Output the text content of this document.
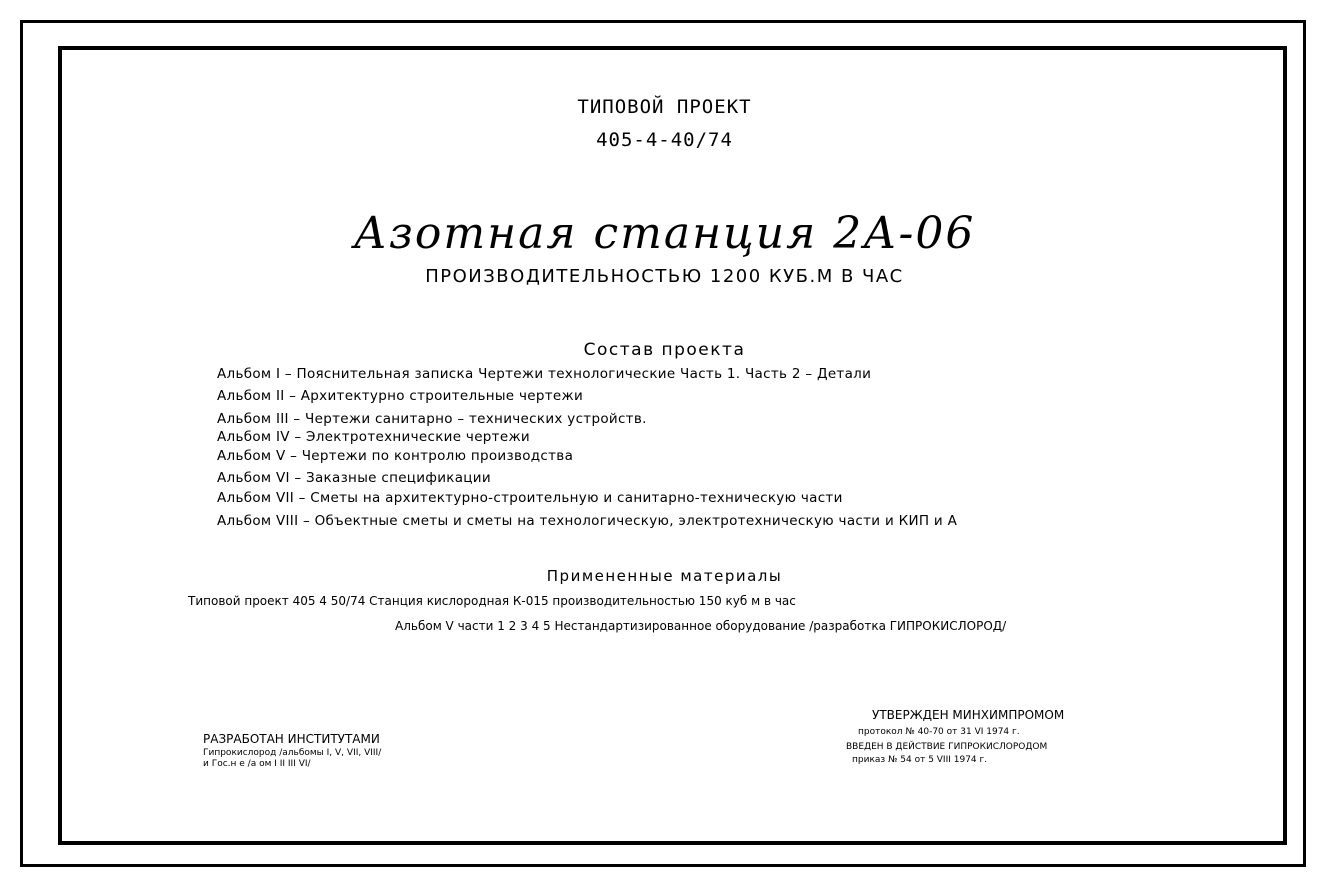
ТИПОВОЙ ПРОЕКТ
405-4-40/74
Азотная станция 2А-06
ПРОИЗВОДИТЕЛЬНОСТЬЮ 1200 КУБ.М В ЧАС
Состав проекта
Альбом I – Пояснительная записка Чертежи технологические Часть 1. Часть 2 – Детали
Альбом II – Архитектурно строительные чертежи
Альбом III – Чертежи санитарно – технических устройств.
Альбом IV – Электротехнические чертежи
Альбом V – Чертежи по контролю производства
Альбом VI – Заказные спецификации
Альбом VII – Сметы на архитектурно-строительную и санитарно-техническую части
Альбом VIII – Объектные сметы и сметы на технологическую, электротехническую части и КИП и А
Примененные материалы
Типовой проект 405 4 50/74 Станция кислородная К-015 производительностью 150 куб м в час
Альбом V части 1 2 3 4 5 Нестандартизированное оборудование /разработка ГИПРОКИСЛОРОД/
РАЗРАБОТАН ИНСТИТУТАМИ
Гипрокислород /альбомы I, V, VII, VIII/
и Гос.н е /а ом I II III VI/
УТВЕРЖДЕН МИНХИМПРОМОМ
протокол № 40-70 от 31 VI 1974 г.
ВВЕДЕН В ДЕЙСТВИЕ ГИПРОКИСЛОРОДОМ
приказ № 54 от 5 VIII 1974 г.
